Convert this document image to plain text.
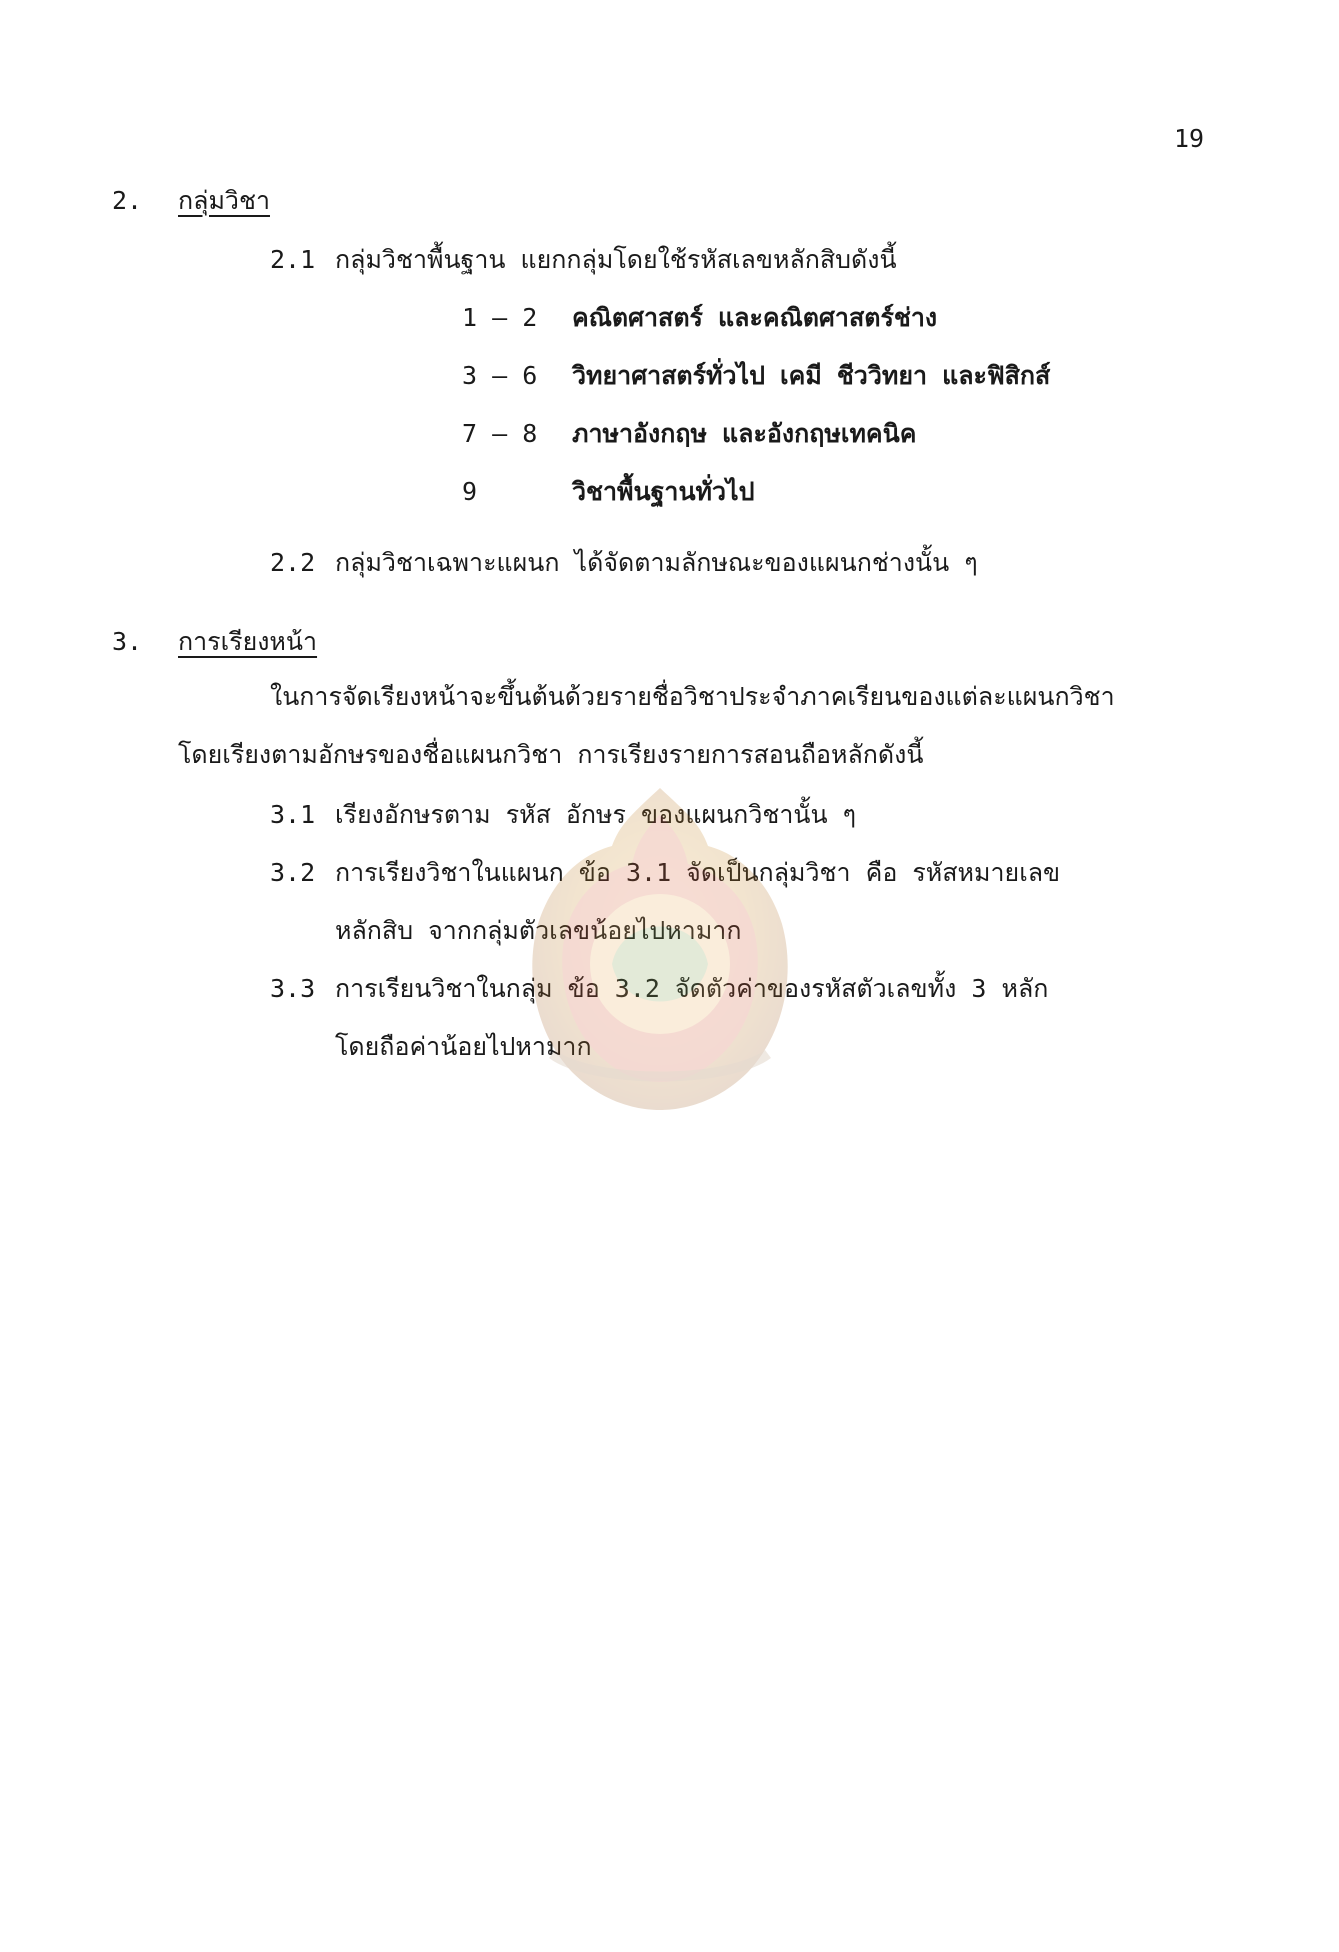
19
2. กลุ่มวิชา
2.1 กลุ่มวิชาพื้นฐาน แยกกลุ่มโดยใช้รหัสเลขหลักสิบดังนี้
1 – 2 คณิตศาสตร์ และคณิตศาสตร์ช่าง
3 – 6 วิทยาศาสตร์ทั่วไป เคมี ชีววิทยา และฟิสิกส์
7 – 8 ภาษาอังกฤษ และอังกฤษเทคนิค
9	วิชาพื้นฐานทั่วไป
2.2 กลุ่มวิชาเฉพาะแผนก ได้จัดตามลักษณะของแผนกช่างนั้น ๆ
3. การเรียงหน้า
ในการจัดเรียงหน้าจะขึ้นต้นด้วยรายชื่อวิชาประจำภาคเรียนของแต่ละแผนกวิชา
โดยเรียงตามอักษรของชื่อแผนกวิชา การเรียงรายการสอนถือหลักดังนี้
3.1 เรียงอักษรตาม รหัส อักษร ของแผนกวิชานั้น ๆ
3.2 การเรียงวิชาในแผนก ข้อ 3.1 จัดเป็นกลุ่มวิชา คือ รหัสหมายเลข
หลักสิบ จากกลุ่มตัวเลขน้อยไปหามาก
3.3 การเรียนวิชาในกลุ่ม ข้อ 3.2 จัดตัวค่าของรหัสตัวเลขทั้ง 3 หลัก
โดยถือค่าน้อยไปหามาก
